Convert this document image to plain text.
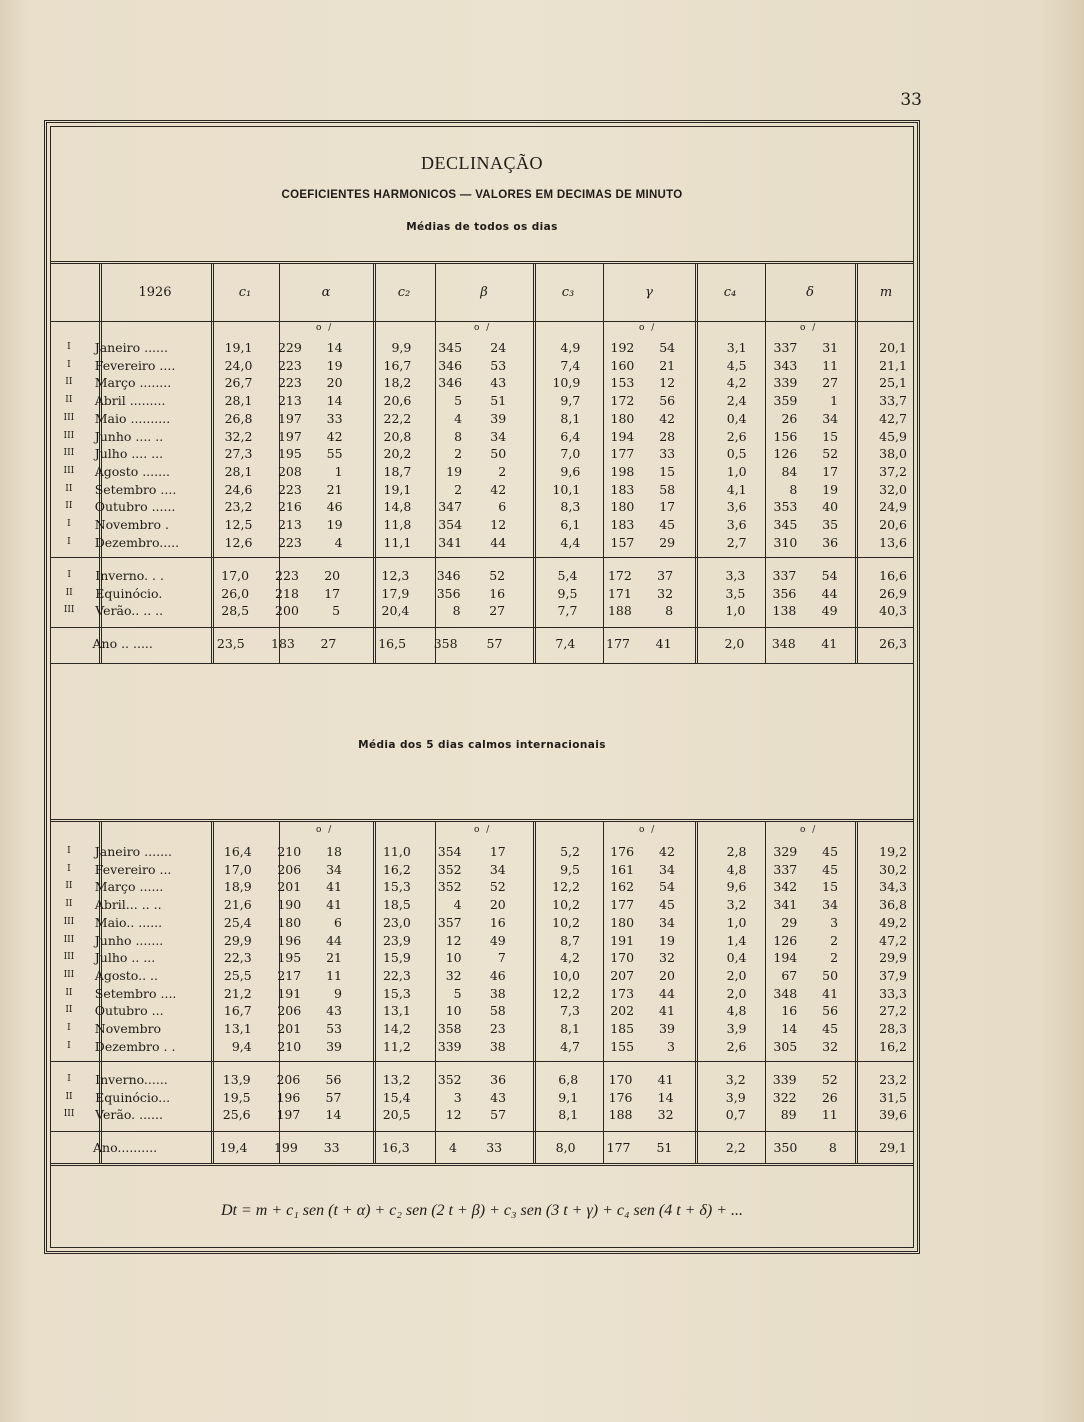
33
DECLINAÇÃO
COEFICIENTES HARMONICOS — VALORES EM DECIMAS DE MINUTO
Médias de todos os dias
1926	c₁	α	c₂	β	c₃	γ	c₄	δ	m
Média dos 5 dias calmos internacionais
I	Janeiro ......	19,1	229	14	9,9	345	24	4,9	192	54	3,1	337	31	20,1
I	Fevereiro ....	24,0	223	19	16,7	346	53	7,4	160	21	4,5	343	11	21,1
II	Março ........	26,7	223	20	18,2	346	43	10,9	153	12	4,2	339	27	25,1
II	Abril .........	28,1	213	14	20,6	5	51	9,7	172	56	2,4	359	1	33,7
III	Maio ..........	26,8	197	33	22,2	4	39	8,1	180	42	0,4	26	34	42,7
III	Junho .... ..	32,2	197	42	20,8	8	34	6,4	194	28	2,6	156	15	45,9
III	Julho .... ...	27,3	195	55	20,2	2	50	7,0	177	33	0,5	126	52	38,0
III	Agosto .......	28,1	208	1	18,7	19	2	9,6	198	15	1,0	84	17	37,2
II	Setembro ....	24,6	223	21	19,1	2	42	10,1	183	58	4,1	8	19	32,0
II	Outubro ......	23,2	216	46	14,8	347	6	8,3	180	17	3,6	353	40	24,9
I	Novembro .	12,5	213	19	11,8	354	12	6,1	183	45	3,6	345	35	20,6
I	Dezembro.....	12,6	223	4	11,1	341	44	4,4	157	29	2,7	310	36	13,6
I	Inverno. . .	17,0	223	20	12,3	346	52	5,4	172	37	3,3	337	54	16,6
II	Equinócio.	26,0	218	17	17,9	356	16	9,5	171	32	3,5	356	44	26,9
III	Verão.. .. ..	28,5	200	5	20,4	8	27	7,7	188	8	1,0	138	49	40,3
	Ano .. .....	23,5	183	27	16,5	358	57	7,4	177	41	2,0	348	41	26,3
I	Janeiro .......	16,4	210	18	11,0	354	17	5,2	176	42	2,8	329	45	19,2
I	Fevereiro ...	17,0	206	34	16,2	352	34	9,5	161	34	4,8	337	45	30,2
II	Março ......	18,9	201	41	15,3	352	52	12,2	162	54	9,6	342	15	34,3
II	Abril... .. ..	21,6	190	41	18,5	4	20	10,2	177	45	3,2	341	34	36,8
III	Maio.. ......	25,4	180	6	23,0	357	16	10,2	180	34	1,0	29	3	49,2
III	Junho .......	29,9	196	44	23,9	12	49	8,7	191	19	1,4	126	2	47,2
III	Julho .. ...	22,3	195	21	15,9	10	7	4,2	170	32	0,4	194	2	29,9
III	Agosto.. ..	25,5	217	11	22,3	32	46	10,0	207	20	2,0	67	50	37,9
II	Setembro ....	21,2	191	9	15,3	5	38	12,2	173	44	2,0	348	41	33,3
II	Outubro ...	16,7	206	43	13,1	10	58	7,3	202	41	4,8	16	56	27,2
I	Novembro	13,1	201	53	14,2	358	23	8,1	185	39	3,9	14	45	28,3
I	Dezembro . .	9,4	210	39	11,2	339	38	4,7	155	3	2,6	305	32	16,2
I	Inverno......	13,9	206	56	13,2	352	36	6,8	170	41	3,2	339	52	23,2
II	Equinócio...	19,5	196	57	15,4	3	43	9,1	176	14	3,9	322	26	31,5
III	Verão. ......	25,6	197	14	20,5	12	57	8,1	188	32	0,7	89	11	39,6
	Ano..........	19,4	199	33	16,3	4	33	8,0	177	51	2,2	350	8	29,1
Dt = m + c₁ sen (t + α) + c₂ sen (2 t + β) + c₃ sen (3 t + γ) + c₄ sen (4 t + δ) + ...
o /	o /	o /	o /
o /	o /	o /	o /
